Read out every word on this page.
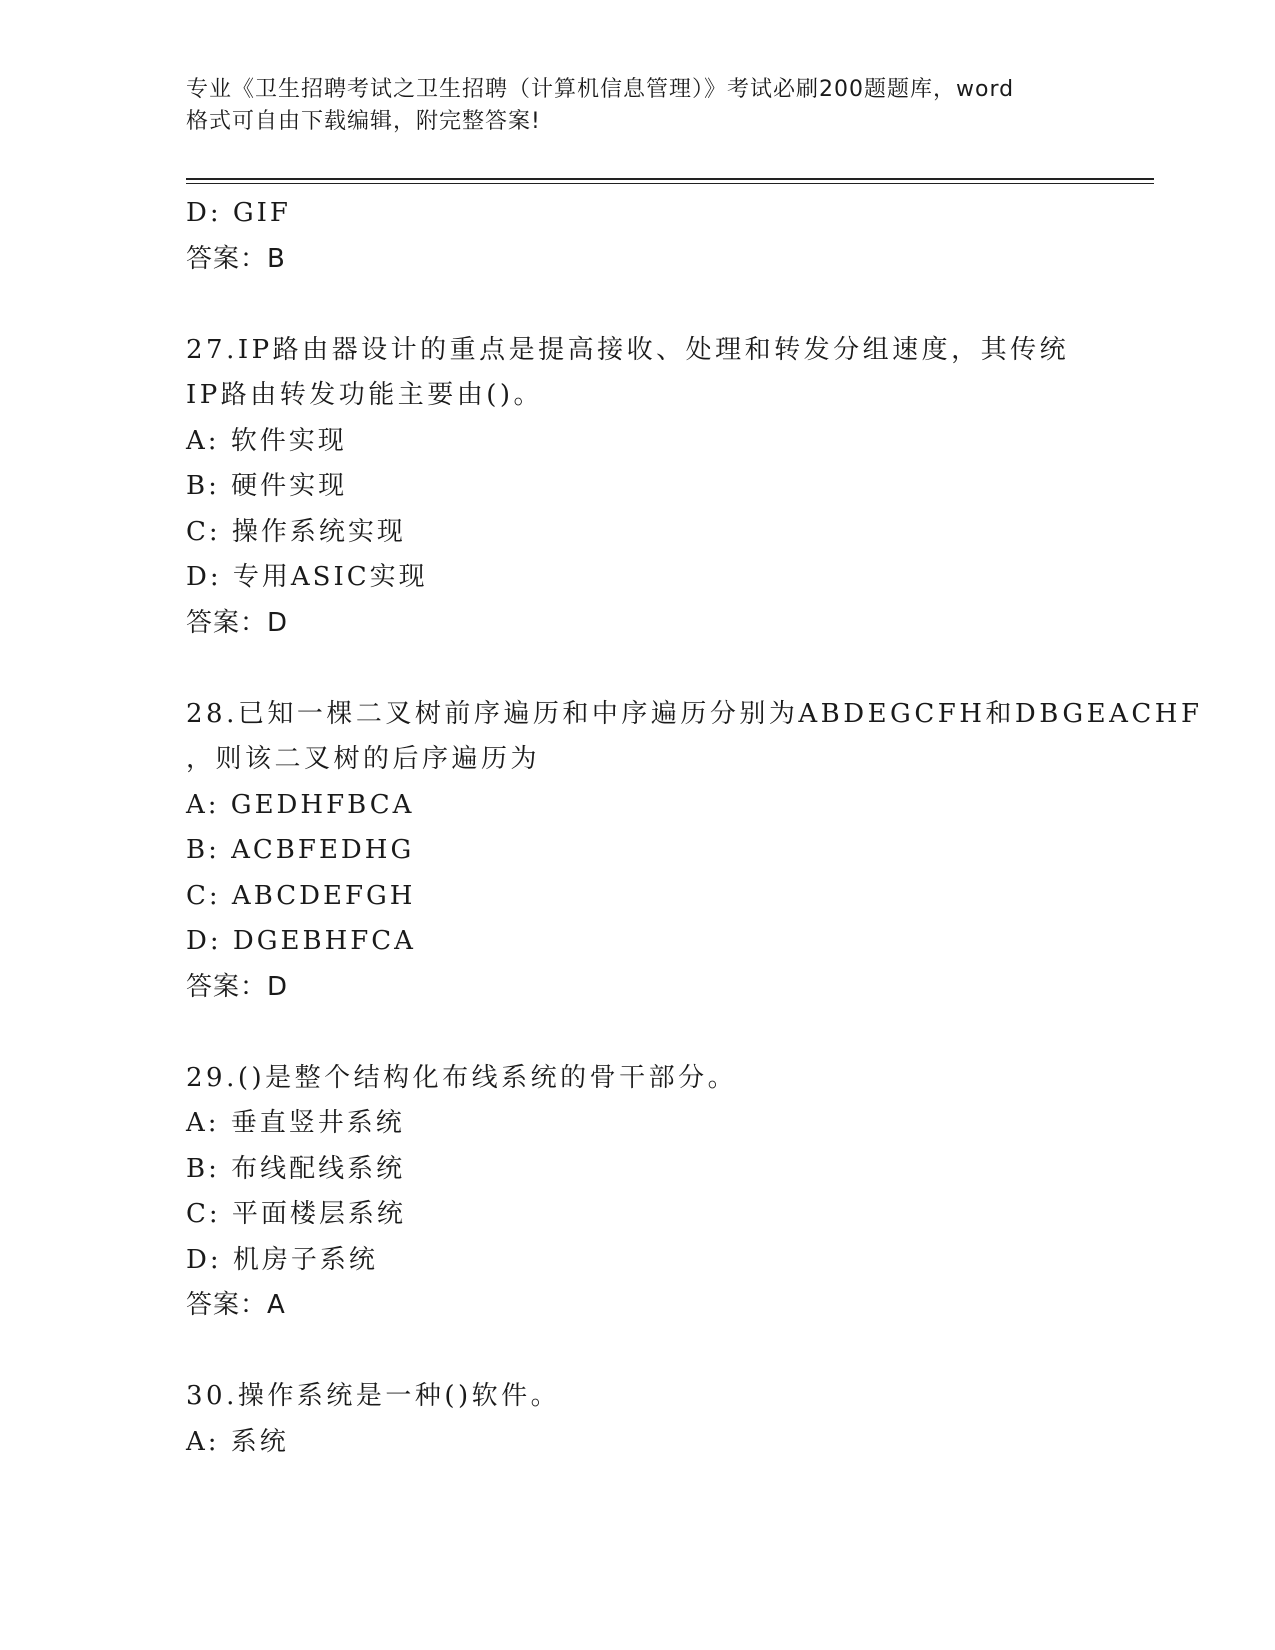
专业《卫生招聘考试之卫生招聘（计算机信息管理）》考试必刷200题题库，word
格式可自由下载编辑，附完整答案!
D: GIF
答案：B
27.IP路由器设计的重点是提高接收、处理和转发分组速度，其传统
IP路由转发功能主要由()。
A: 软件实现
B: 硬件实现
C: 操作系统实现
D: 专用ASIC实现
答案：D
28.已知一棵二叉树前序遍历和中序遍历分别为ABDEGCFH和DBGEACHF
，则该二叉树的后序遍历为
A: GEDHFBCA
B: ACBFEDHG
C: ABCDEFGH
D: DGEBHFCA
答案：D
29.()是整个结构化布线系统的骨干部分。
A: 垂直竖井系统
B: 布线配线系统
C: 平面楼层系统
D: 机房子系统
答案：A
30.操作系统是一种()软件。
A: 系统
